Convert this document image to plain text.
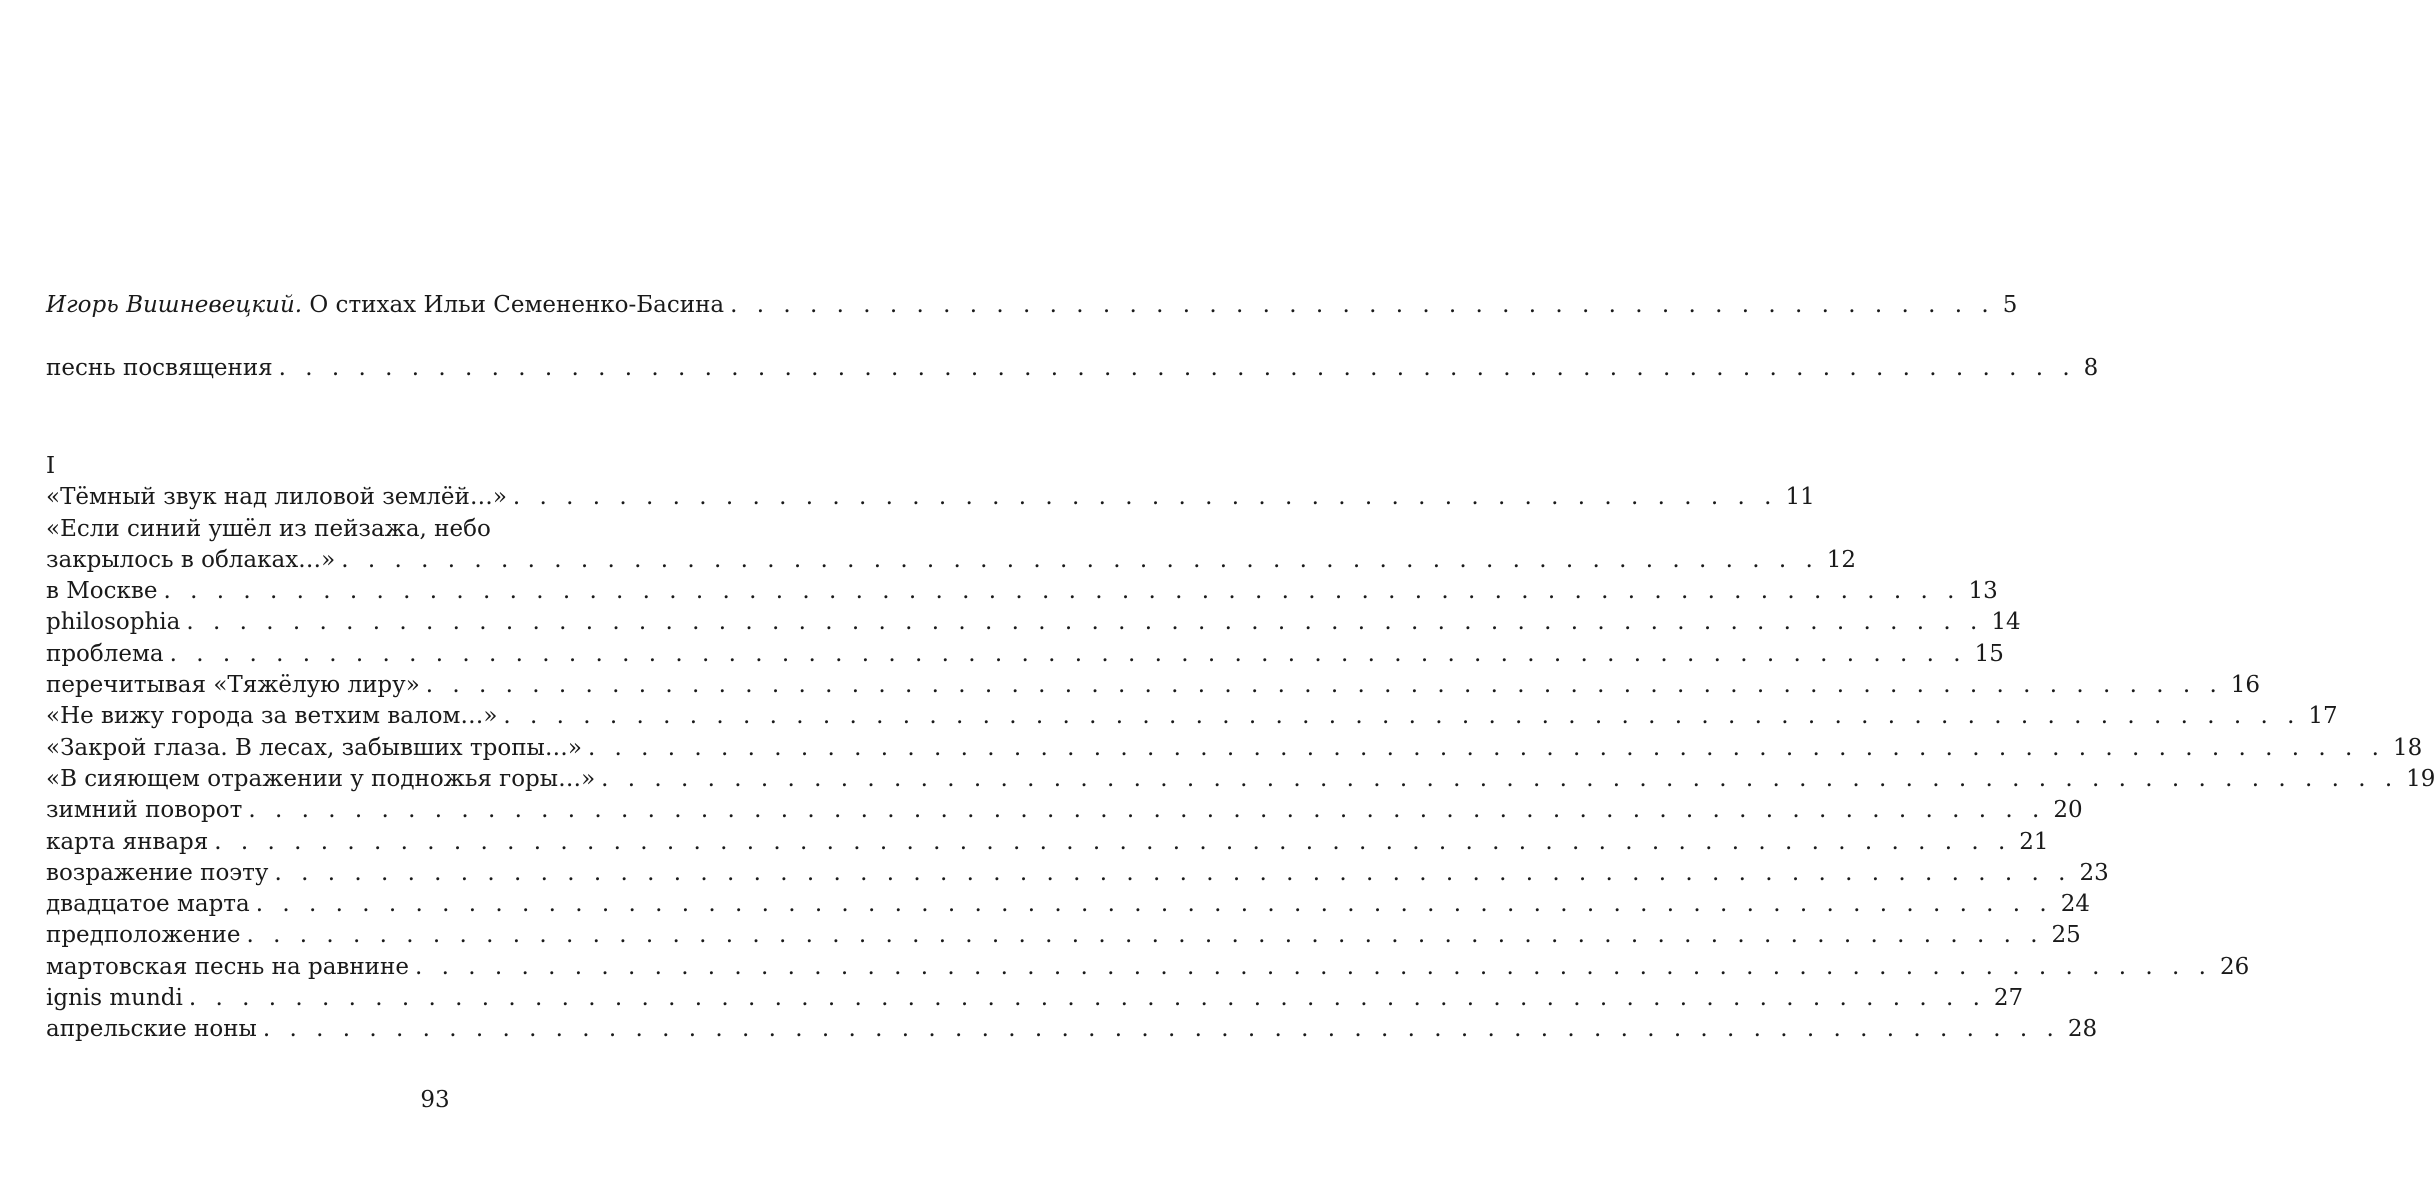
Игорь Вишневецкий. О стихах Ильи Семененко-Басина . . . . . . . . . . . . . . . . . . . . . . . . . . . . . . . . . . . . . . . . . . . . . . . . 5
песнь посвящения . . . . . . . . . . . . . . . . . . . . . . . . . . . . . . . . . . . . . . . . . . . . . . . . . . . . . . . . . . . . . . . . . . . . 8
I
«Тёмный звук над лиловой землёй…» . . . . . . . . . . . . . . . . . . . . . . . . . . . . . . . . . . . . . . . . . . . . . . . . 11
«Если синий ушёл из пейзажа, небо
закрылось в облаках…» . . . . . . . . . . . . . . . . . . . . . . . . . . . . . . . . . . . . . . . . . . . . . . . . . . . . . . . . 12
в Москве . . . . . . . . . . . . . . . . . . . . . . . . . . . . . . . . . . . . . . . . . . . . . . . . . . . . . . . . . . . . . . . . . . . . 13
philosophia . . . . . . . . . . . . . . . . . . . . . . . . . . . . . . . . . . . . . . . . . . . . . . . . . . . . . . . . . . . . . . . . . . . . 14
проблема . . . . . . . . . . . . . . . . . . . . . . . . . . . . . . . . . . . . . . . . . . . . . . . . . . . . . . . . . . . . . . . . . . . . 15
перечитывая «Тяжёлую лиру» . . . . . . . . . . . . . . . . . . . . . . . . . . . . . . . . . . . . . . . . . . . . . . . . . . . . . . . . . . . . . . . . . . . . 16
«Не вижу города за ветхим валом…» . . . . . . . . . . . . . . . . . . . . . . . . . . . . . . . . . . . . . . . . . . . . . . . . . . . . . . . . . . . . . . . . . . . . 17
«Закрой глаза. В лесах, забывших тропы…» . . . . . . . . . . . . . . . . . . . . . . . . . . . . . . . . . . . . . . . . . . . . . . . . . . . . . . . . . . . . . . . . . . . . 18
«В сияющем отражении у подножья горы…» . . . . . . . . . . . . . . . . . . . . . . . . . . . . . . . . . . . . . . . . . . . . . . . . . . . . . . . . . . . . . . . . . . . . 19
зимний поворот . . . . . . . . . . . . . . . . . . . . . . . . . . . . . . . . . . . . . . . . . . . . . . . . . . . . . . . . . . . . . . . . . . . . 20
карта января . . . . . . . . . . . . . . . . . . . . . . . . . . . . . . . . . . . . . . . . . . . . . . . . . . . . . . . . . . . . . . . . . . . . 21
возражение поэту . . . . . . . . . . . . . . . . . . . . . . . . . . . . . . . . . . . . . . . . . . . . . . . . . . . . . . . . . . . . . . . . . . . . 23
двадцатое марта . . . . . . . . . . . . . . . . . . . . . . . . . . . . . . . . . . . . . . . . . . . . . . . . . . . . . . . . . . . . . . . . . . . . 24
предположение . . . . . . . . . . . . . . . . . . . . . . . . . . . . . . . . . . . . . . . . . . . . . . . . . . . . . . . . . . . . . . . . . . . . 25
мартовская песнь на равнине . . . . . . . . . . . . . . . . . . . . . . . . . . . . . . . . . . . . . . . . . . . . . . . . . . . . . . . . . . . . . . . . . . . . 26
ignis mundi . . . . . . . . . . . . . . . . . . . . . . . . . . . . . . . . . . . . . . . . . . . . . . . . . . . . . . . . . . . . . . . . . . . . 27
апрельские ноны . . . . . . . . . . . . . . . . . . . . . . . . . . . . . . . . . . . . . . . . . . . . . . . . . . . . . . . . . . . . . . . . . . . . 28
93
